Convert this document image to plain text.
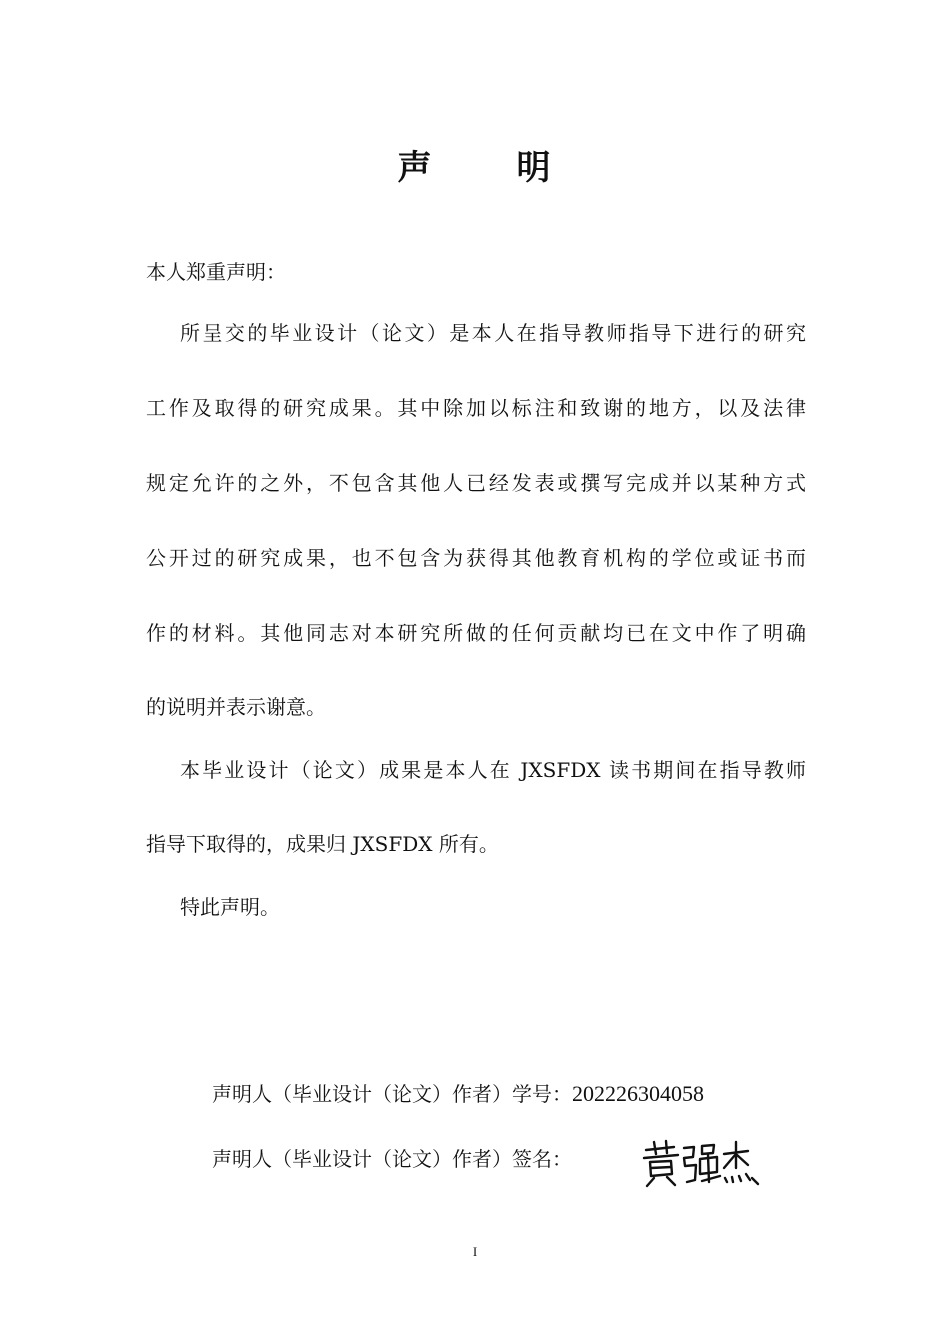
声      明
本人郑重声明：
所呈交的毕业设计（论文）是本人在指导教师指导下进行的研究
工作及取得的研究成果。其中除加以标注和致谢的地方，以及法律
规定允许的之外，不包含其他人已经发表或撰写完成并以某种方式
公开过的研究成果，也不包含为获得其他教育机构的学位或证书而
作的材料。其他同志对本研究所做的任何贡献均已在文中作了明确
的说明并表示谢意。
本毕业设计（论文）成果是本人在 JXSFDX 读书期间在指导教师
指导下取得的，成果归 JXSFDX 所有。
特此声明。
声明人（毕业设计（论文）作者）学号：202226304058
声明人（毕业设计（论文）作者）签名：
I
